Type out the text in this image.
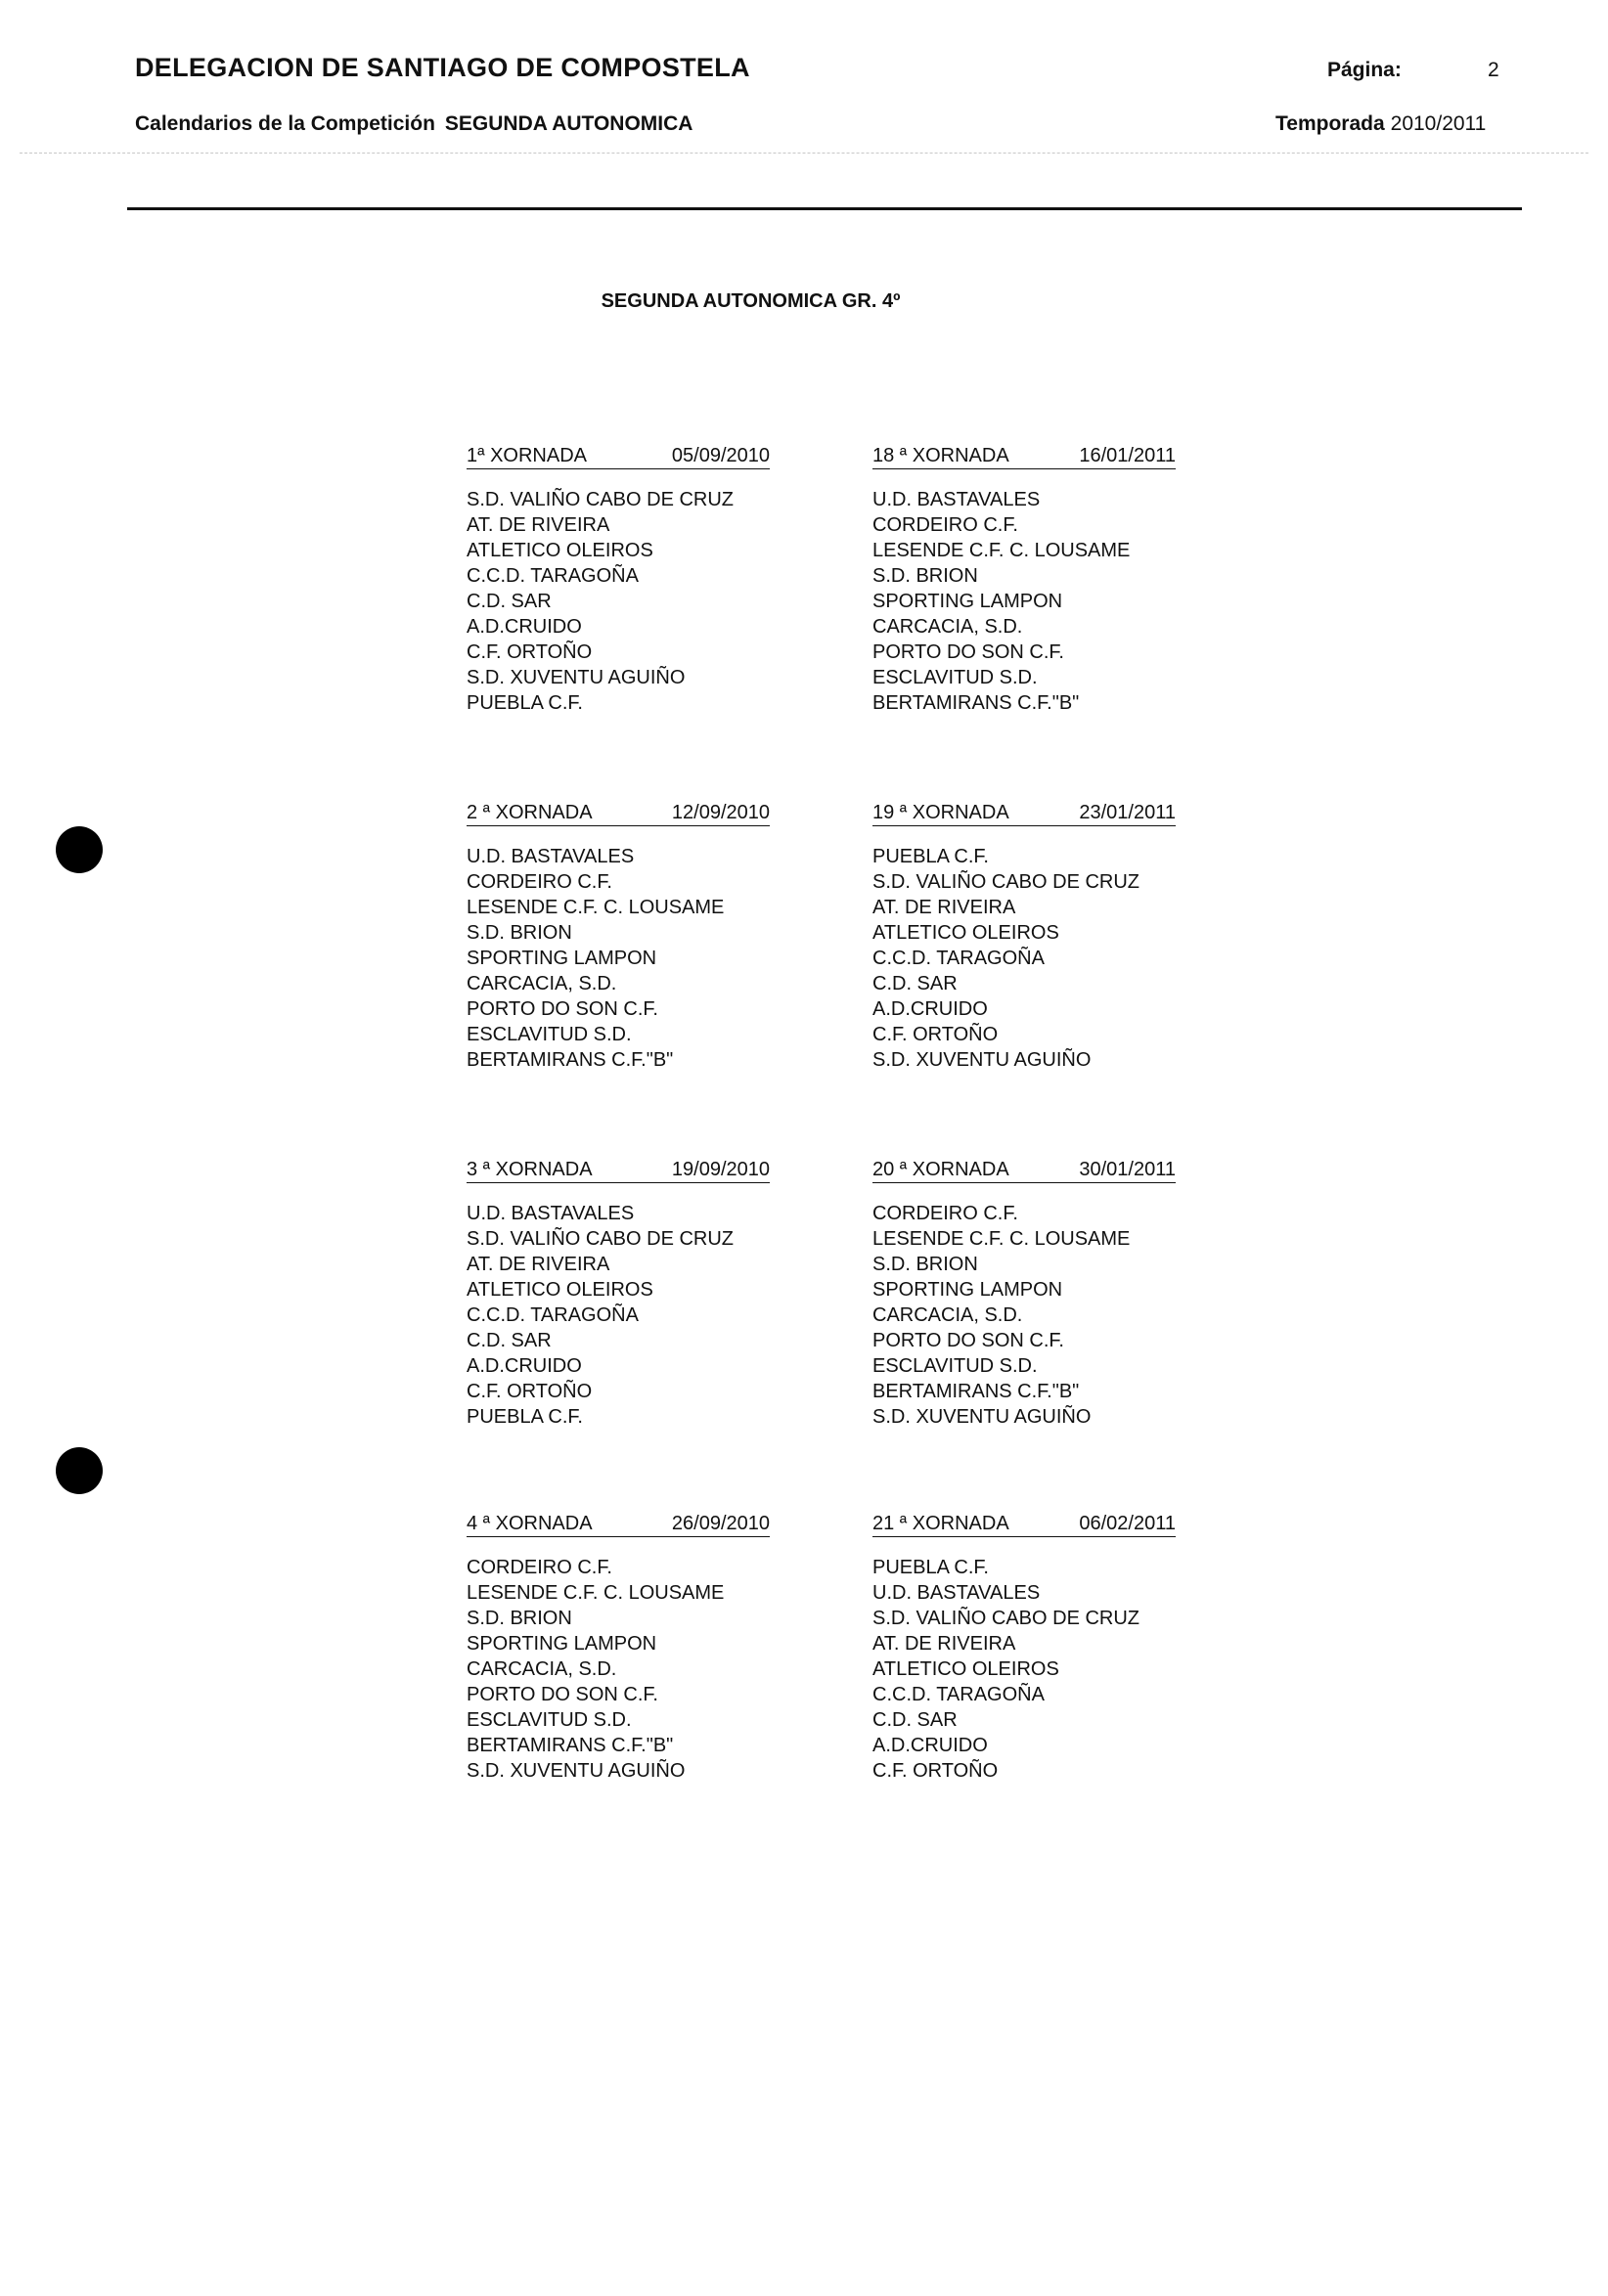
DELEGACION DE SANTIAGO DE COMPOSTELA	Página:	2
Calendarios de la Competición SEGUNDA AUTONOMICA	Temporada 2010/2011
SEGUNDA AUTONOMICA GR. 4º
1ª XORNADA	05/09/2010
S.D. VALIÑO CABO DE CRUZ
AT. DE RIVEIRA
ATLETICO OLEIROS
C.C.D. TARAGOÑA
C.D. SAR
A.D.CRUIDO
C.F. ORTOÑO
S.D. XUVENTU AGUIÑO
PUEBLA C.F.
18 ª XORNADA	16/01/2011
U.D. BASTAVALES
CORDEIRO C.F.
LESENDE C.F. C. LOUSAME
S.D. BRION
SPORTING LAMPON
CARCACIA, S.D.
PORTO DO SON C.F.
ESCLAVITUD S.D.
BERTAMIRANS C.F."B"
2 ª XORNADA	12/09/2010
U.D. BASTAVALES
CORDEIRO C.F.
LESENDE C.F. C. LOUSAME
S.D. BRION
SPORTING LAMPON
CARCACIA, S.D.
PORTO DO SON C.F.
ESCLAVITUD S.D.
BERTAMIRANS C.F."B"
19 ª XORNADA	23/01/2011
PUEBLA C.F.
S.D. VALIÑO CABO DE CRUZ
AT. DE RIVEIRA
ATLETICO OLEIROS
C.C.D. TARAGOÑA
C.D. SAR
A.D.CRUIDO
C.F. ORTOÑO
S.D. XUVENTU AGUIÑO
3 ª XORNADA	19/09/2010
U.D. BASTAVALES
S.D. VALIÑO CABO DE CRUZ
AT. DE RIVEIRA
ATLETICO OLEIROS
C.C.D. TARAGOÑA
C.D. SAR
A.D.CRUIDO
C.F. ORTOÑO
PUEBLA C.F.
20 ª XORNADA	30/01/2011
CORDEIRO C.F.
LESENDE C.F. C. LOUSAME
S.D. BRION
SPORTING LAMPON
CARCACIA, S.D.
PORTO DO SON C.F.
ESCLAVITUD S.D.
BERTAMIRANS C.F."B"
S.D. XUVENTU AGUIÑO
4 ª XORNADA	26/09/2010
CORDEIRO C.F.
LESENDE C.F. C. LOUSAME
S.D. BRION
SPORTING LAMPON
CARCACIA, S.D.
PORTO DO SON C.F.
ESCLAVITUD S.D.
BERTAMIRANS C.F."B"
S.D. XUVENTU AGUIÑO
21 ª XORNADA	06/02/2011
PUEBLA C.F.
U.D. BASTAVALES
S.D. VALIÑO CABO DE CRUZ
AT. DE RIVEIRA
ATLETICO OLEIROS
C.C.D. TARAGOÑA
C.D. SAR
A.D.CRUIDO
C.F. ORTOÑO
